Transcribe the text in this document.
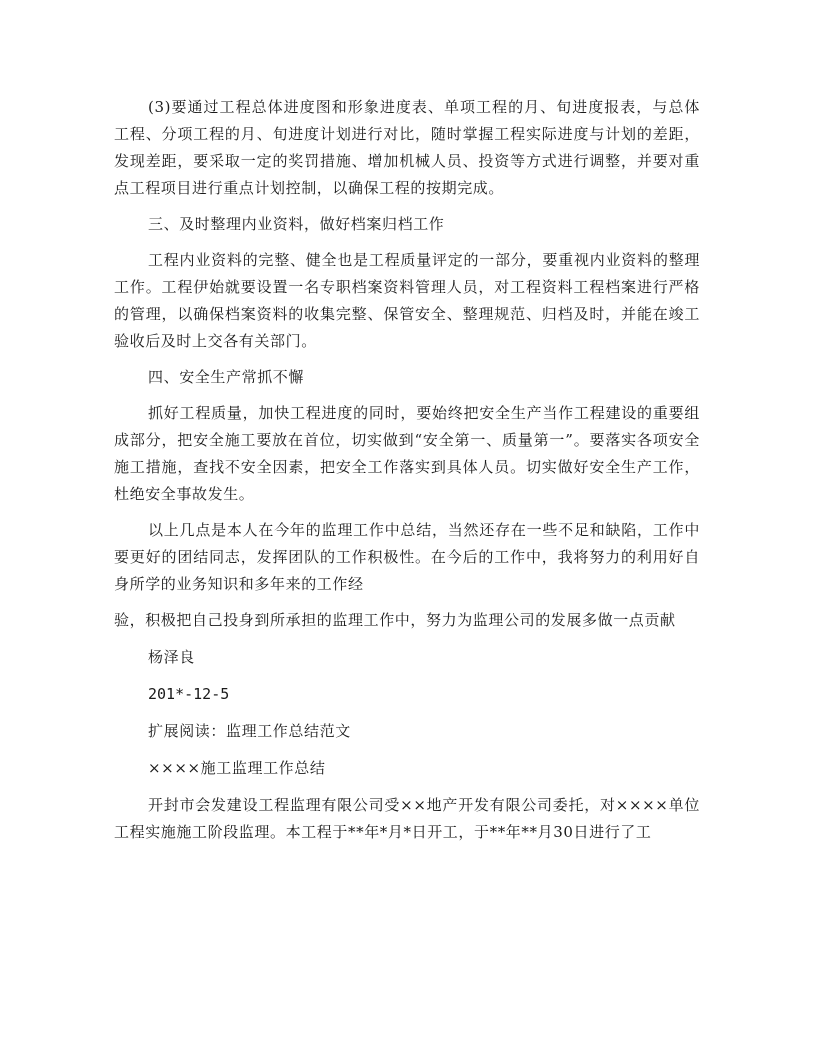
(3)要通过工程总体进度图和形象进度表、单项工程的月、旬进度报表，与总体工程、分项工程的月、旬进度计划进行对比，随时掌握工程实际进度与计划的差距，发现差距，要采取一定的奖罚措施、增加机械人员、投资等方式进行调整，并要对重点工程项目进行重点计划控制，以确保工程的按期完成。

三、及时整理内业资料，做好档案归档工作

工程内业资料的完整、健全也是工程质量评定的一部分，要重视内业资料的整理工作。工程伊始就要设置一名专职档案资料管理人员，对工程资料工程档案进行严格的管理，以确保档案资料的收集完整、保管安全、整理规范、归档及时，并能在竣工验收后及时上交各有关部门。

四、安全生产常抓不懈

抓好工程质量，加快工程进度的同时，要始终把安全生产当作工程建设的重要组成部分，把安全施工要放在首位，切实做到“安全第一、质量第一”。要落实各项安全施工措施，查找不安全因素，把安全工作落实到具体人员。切实做好安全生产工作，杜绝安全事故发生。

以上几点是本人在今年的监理工作中总结，当然还存在一些不足和缺陷，工作中要更好的团结同志，发挥团队的工作积极性。在今后的工作中，我将努力的利用好自身所学的业务知识和多年来的工作经

验，积极把自己投身到所承担的监理工作中，努力为监理公司的发展多做一点贡献

杨泽良

201*-12-5

扩展阅读：监理工作总结范文

××××施工监理工作总结

开封市会发建设工程监理有限公司受××地产开发有限公司委托，对××××单位工程实施施工阶段监理。本工程于**年*月*日开工，于**年**月30日进行了工
